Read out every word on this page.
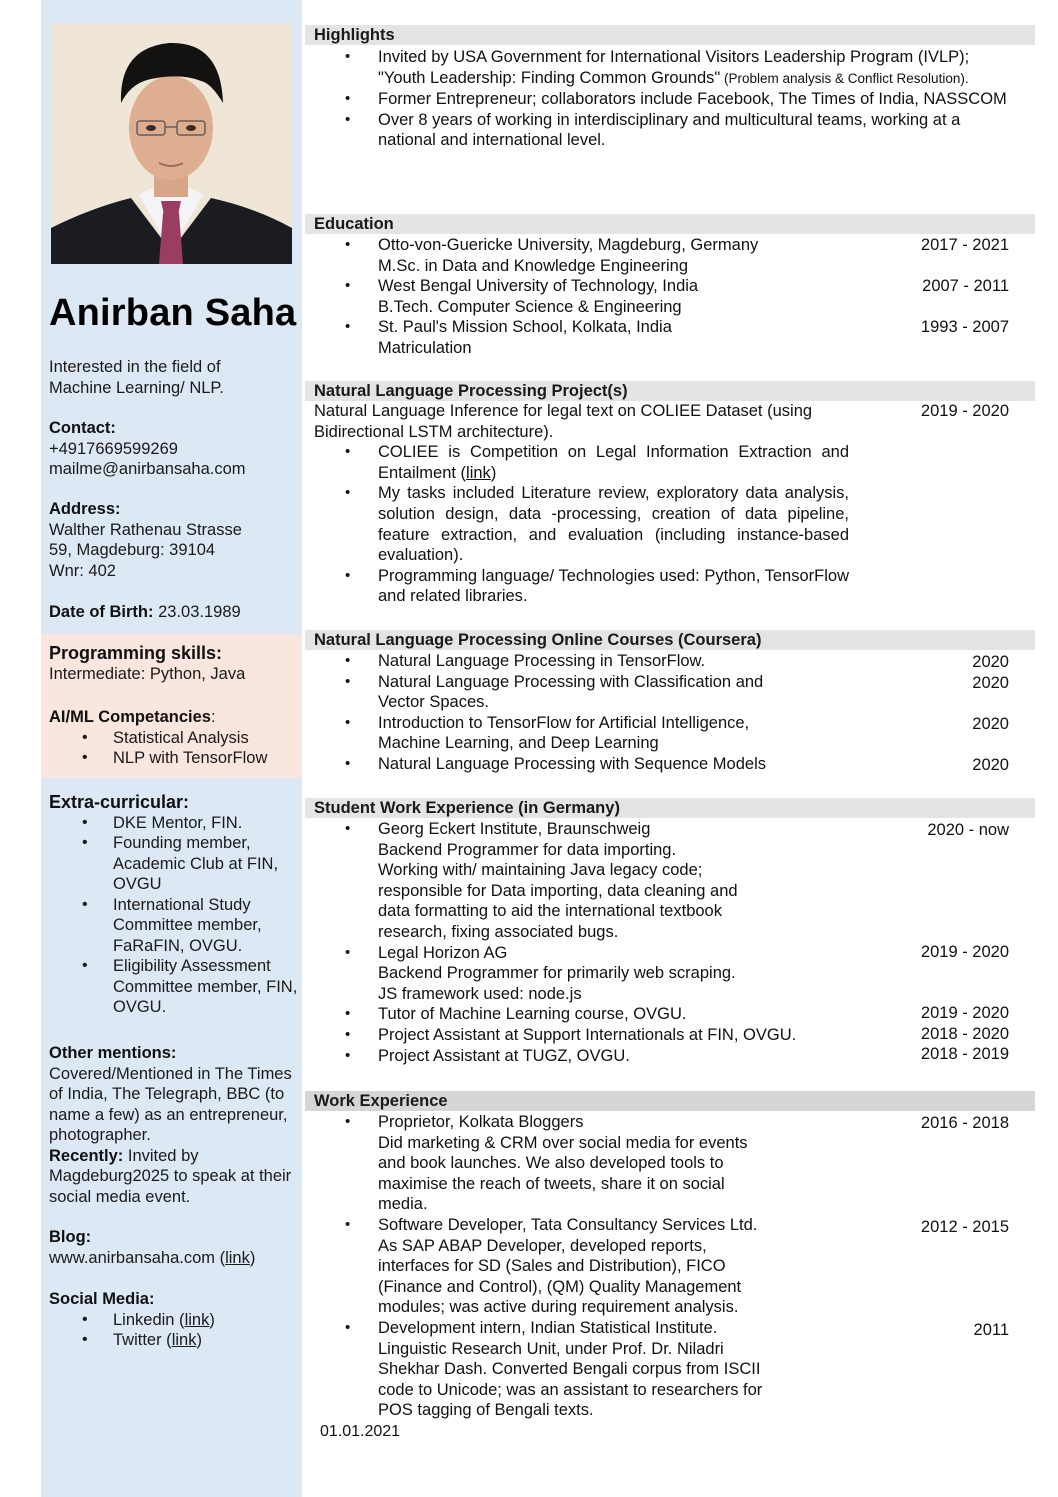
Anirban Saha
Interested in the field of
Machine Learning/ NLP.
Contact:
+4917669599269
mailme@anirbansaha.com
Address:
Walther Rathenau Strasse
59, Magdeburg: 39104
Wnr: 402
Date of Birth: 23.03.1989
Programming skills:
Intermediate: Python, Java
AI/ML Competancies:
• Statistical Analysis
• NLP with TensorFlow
Extra-curricular:
• DKE Mentor, FIN.
• Founding member, Academic Club at FIN, OVGU
• International Study Committee member, FaRaFIN, OVGU.
• Eligibility Assessment Committee member, FIN, OVGU.
Other mentions:
Covered/Mentioned in The Times of India, The Telegraph, BBC (to name a few) as an entrepreneur, photographer.
Recently: Invited by Magdeburg2025 to speak at their social media event.
Blog:
www.anirbansaha.com (link)
Social Media:
• Linkedin (link)
• Twitter (link)
Highlights
• Invited by USA Government for International Visitors Leadership Program (IVLP); "Youth Leadership: Finding Common Grounds" (Problem analysis & Conflict Resolution).
• Former Entrepreneur; collaborators include Facebook, The Times of India, NASSCOM
• Over 8 years of working in interdisciplinary and multicultural teams, working at a national and international level.
Education
• Otto-von-Guericke University, Magdeburg, Germany
M.Sc. in Data and Knowledge Engineering
2017 - 2021
• West Bengal University of Technology, India
B.Tech. Computer Science & Engineering
2007 - 2011
• St. Paul's Mission School, Kolkata, India
Matriculation
1993 - 2007
Natural Language Processing Project(s)
Natural Language Inference for legal text on COLIEE Dataset (using Bidirectional LSTM architecture).
2019 - 2020
• COLIEE is Competition on Legal Information Extraction and Entailment (link)
• My tasks included Literature review, exploratory data analysis, solution design, data -processing, creation of data pipeline, feature extraction, and evaluation (including instance-based evaluation).
• Programming language/ Technologies used: Python, TensorFlow and related libraries.
Natural Language Processing Online Courses (Coursera)
• Natural Language Processing in TensorFlow.
• Natural Language Processing with Classification and Vector Spaces.
• Introduction to TensorFlow for Artificial Intelligence, Machine Learning, and Deep Learning
• Natural Language Processing with Sequence Models
2020
2020
2020
2020
Student Work Experience (in Germany)
• Georg Eckert Institute, Braunschweig
Backend Programmer for data importing.
Working with/ maintaining Java legacy code; responsible for Data importing, data cleaning and data formatting to aid the international textbook research, fixing associated bugs.
• Legal Horizon AG
Backend Programmer for primarily web scraping.
JS framework used: node.js
• Tutor of Machine Learning course, OVGU.
• Project Assistant at Support Internationals at FIN, OVGU.
• Project Assistant at TUGZ, OVGU.
2020 - now
2019 - 2020
2019 - 2020
2018 - 2020
2018 - 2019
Work Experience
• Proprietor, Kolkata Bloggers
Did marketing & CRM over social media for events and book launches. We also developed tools to maximise the reach of tweets, share it on social media.
• Software Developer, Tata Consultancy Services Ltd.
As SAP ABAP Developer, developed reports, interfaces for SD (Sales and Distribution), FICO (Finance and Control), (QM) Quality Management modules; was active during requirement analysis.
• Development intern, Indian Statistical Institute.
Linguistic Research Unit, under Prof. Dr. Niladri Shekhar Dash. Converted Bengali corpus from ISCII code to Unicode; was an assistant to researchers for POS tagging of Bengali texts.
2016 - 2018
2012 - 2015
2011
01.01.2021
